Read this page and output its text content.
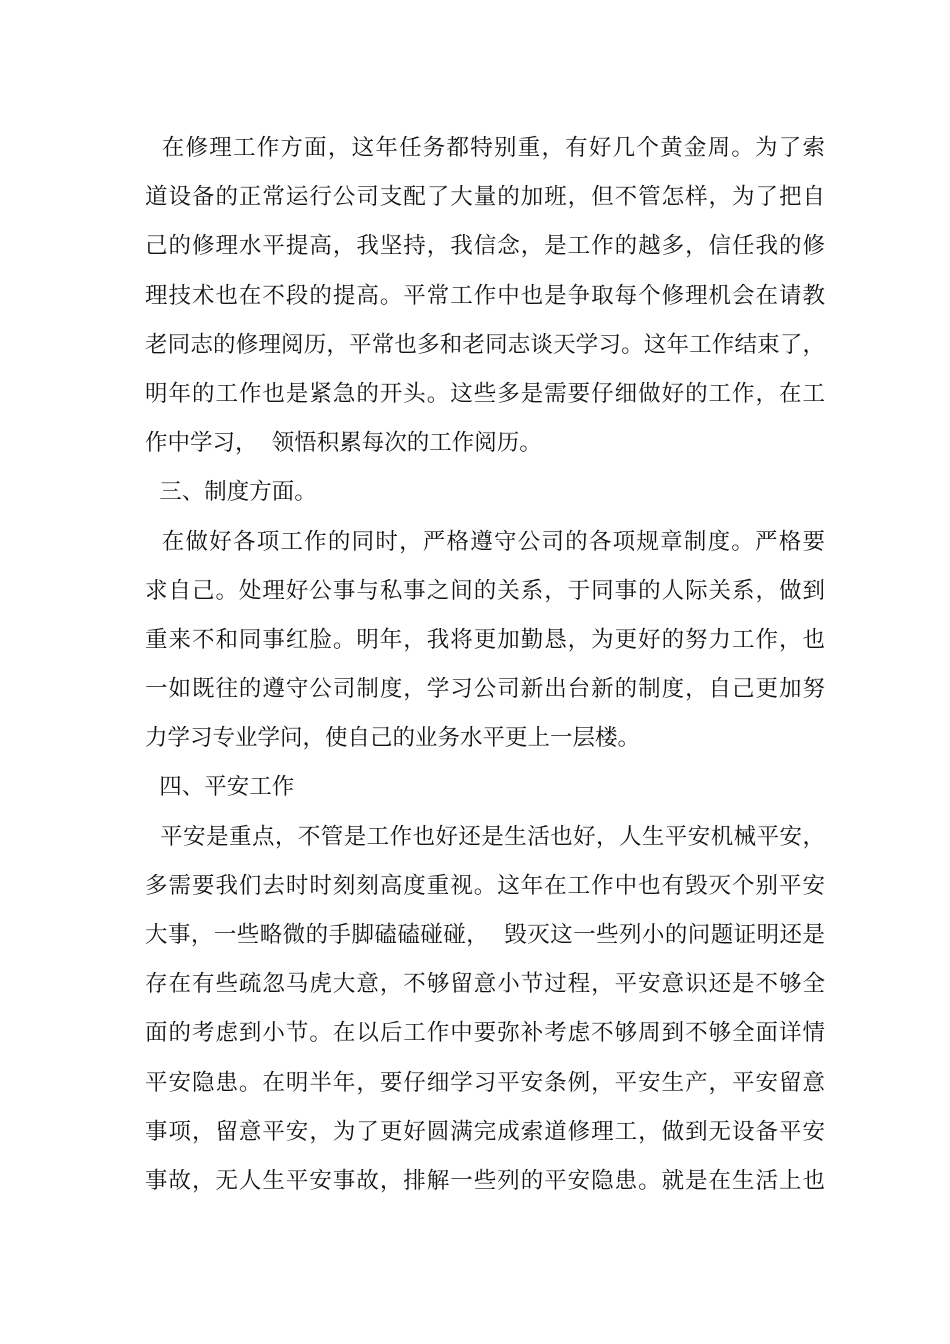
在修理工作方面，这年任务都特别重，有好几个黄金周。为了索
道设备的正常运行公司支配了大量的加班，但不管怎样，为了把自
己的修理水平提高，我坚持，我信念，是工作的越多，信任我的修
理技术也在不段的提高。平常工作中也是争取每个修理机会在请教
老同志的修理阅历，平常也多和老同志谈天学习。这年工作结束了，
明年的工作也是紧急的开头。这些多是需要仔细做好的工作，在工
作中学习，  领悟积累每次的工作阅历。
三、制度方面。
在做好各项工作的同时，严格遵守公司的各项规章制度。严格要
求自己。处理好公事与私事之间的关系，于同事的人际关系，做到
重来不和同事红脸。明年，我将更加勤恳，为更好的努力工作，也
一如既往的遵守公司制度，学习公司新出台新的制度，自己更加努
力学习专业学问，使自己的业务水平更上一层楼。
四、平安工作
平安是重点，不管是工作也好还是生活也好，人生平安机械平安，
多需要我们去时时刻刻高度重视。这年在工作中也有毁灭个别平安
大事，一些略微的手脚磕磕碰碰，  毁灭这一些列小的问题证明还是
存在有些疏忽马虎大意，不够留意小节过程，平安意识还是不够全
面的考虑到小节。在以后工作中要弥补考虑不够周到不够全面详情
平安隐患。在明半年，要仔细学习平安条例，平安生产，平安留意
事项，留意平安，为了更好圆满完成索道修理工，做到无设备平安
事故，无人生平安事故，排解一些列的平安隐患。就是在生活上也
